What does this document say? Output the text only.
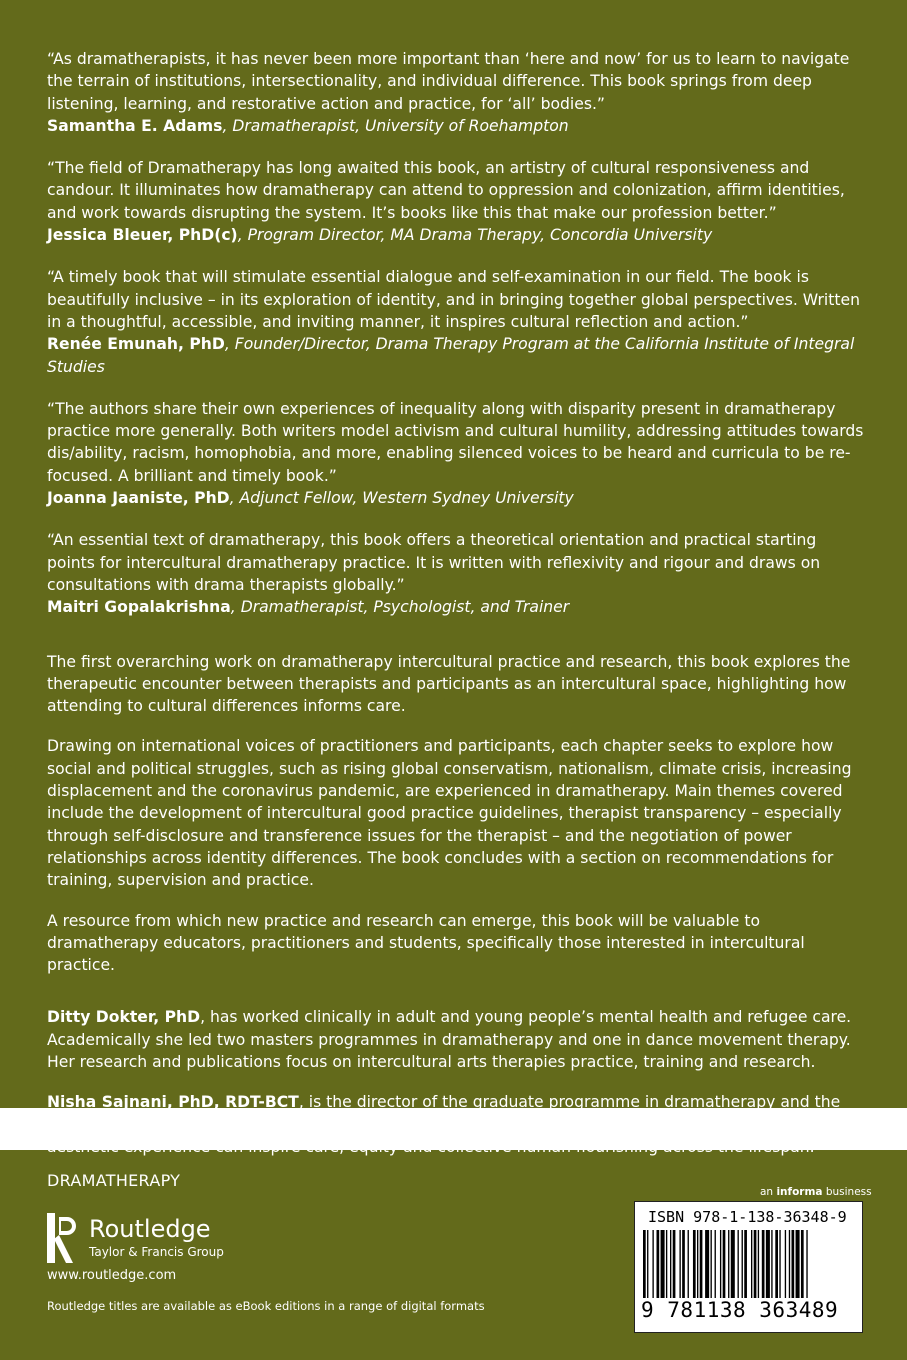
“As dramatherapists, it has never been more important than ‘here and now’ for us to learn to navigate the terrain of institutions, intersectionality, and individual difference. This book springs from deep listening, learning, and restorative action and practice, for ‘all’ bodies.”

Samantha E. Adams, Dramatherapist, University of Roehampton

“The field of Dramatherapy has long awaited this book, an artistry of cultural responsiveness and candour. It illuminates how dramatherapy can attend to oppression and colonization, affirm identities, and work towards disrupting the system. It’s books like this that make our profession better.”

Jessica Bleuer, PhD(c), Program Director, MA Drama Therapy, Concordia University

“A timely book that will stimulate essential dialogue and self-examination in our field. The book is beautifully inclusive – in its exploration of identity, and in bringing together global perspectives. Written in a thoughtful, accessible, and inviting manner, it inspires cultural reflection and action.”

Renée Emunah, PhD, Founder/Director, Drama Therapy Program at the California Institute of Integral Studies

“The authors share their own experiences of inequality along with disparity present in dramatherapy practice more generally. Both writers model activism and cultural humility, addressing attitudes towards dis/ability, racism, homophobia, and more, enabling silenced voices to be heard and curricula to be re-focused. A brilliant and timely book.”

Joanna Jaaniste, PhD, Adjunct Fellow, Western Sydney University

“An essential text of dramatherapy, this book offers a theoretical orientation and practical starting points for intercultural dramatherapy practice. It is written with reflexivity and rigour and draws on consultations with drama therapists globally.”

Maitri Gopalakrishna, Dramatherapist, Psychologist, and Trainer

The first overarching work on dramatherapy intercultural practice and research, this book explores the therapeutic encounter between therapists and participants as an intercultural space, highlighting how attending to cultural differences informs care.

Drawing on international voices of practitioners and participants, each chapter seeks to explore how social and political struggles, such as rising global conservatism, nationalism, climate crisis, increasing displacement and the coronavirus pandemic, are experienced in dramatherapy. Main themes covered include the development of intercultural good practice guidelines, therapist transparency – especially through self-disclosure and transference issues for the therapist – and the negotiation of power relationships across identity differences. The book concludes with a section on recommendations for training, supervision and practice.

A resource from which new practice and research can emerge, this book will be valuable to dramatherapy educators, practitioners and students, specifically those interested in intercultural practice.

Ditty Dokter, PhD, has worked clinically in adult and young people’s mental health and refugee care. Academically she led two masters programmes in dramatherapy and one in dance movement therapy. Her research and publications focus on intercultural arts therapies practice, training and research.

Nisha Sajnani, PhD, RDT-BCT, is the director of the graduate programme in dramatherapy and the theatre and health lab at New York University. Her body of work explores the unique ways in which aesthetic experience can inspire care, equity and collective human flourishing across the lifespan.

DRAMATHERAPY
Routledge
Taylor & Francis Group
www.routledge.com
Routledge titles are available as eBook editions in a range of digital formats
an informa business
ISBN 978-1-138-36348-9
9 781138 363489
